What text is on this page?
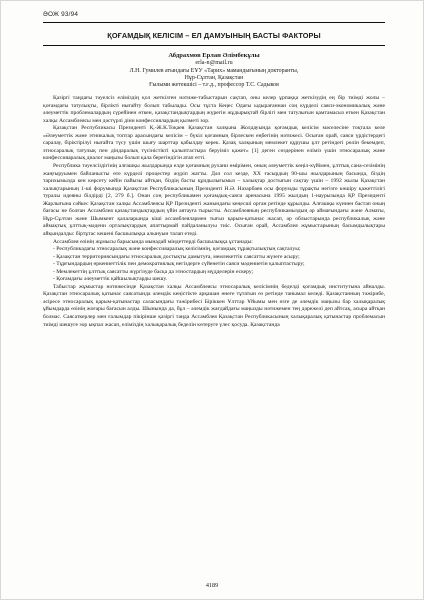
ӘОЖ 93/94
ҚОҒАМДЫҚ КЕЛІСІМ – ЕЛ ДАМУЫНЫҢ БАСТЫ ФАКТОРЫ
Абдрахмов Ерлан Әлімбекұлы
erla-n@mail.ru
Л.Н. Гумилев атындағы ЕҰУ «Тарих» мамандығының докторанты,
Нұр-Сұлтан, Қазақстан
Ғылыми жетекшісі – т.ғ.д., профессор Т.С. Садыков

Қазіргі таңдағы тәуелсіз еліміздің қол жеткізген нәтиже-табыстарын сақтап, оны келер ұрпаққа жеткізудің ең бір тиімді жолы – қоғамдағы татулықты, бірлікті нығайту болып табылады. Осы тұста Кеңес Одағы ыдырағаннан соң күрделі саяси-экономикалық және әлеуметтік проблемалардың сүрейінен өткен, қазақстандықтардың жүрегін жұдырықтай бірлігі мен татулығын қамтамасыз еткен Қазақстан халқы Ассамблеясы мен дәстүрлі діни конфессиялардың қызметі зор.

Қазақстан Республикасы Президенті Қ.-Ж.К.Тоқаев Қазақстан халқына Жолдауында қоғамдық келісім мәселесіне тоқтала келе «Әлеуметтік және этникалық топтар арасындағы келісім – бүкіл қоғамның бірлескен еңбегінің нәтижесі. Осыған орай, саяси үрдістердегі саралау, біріктірілуі нығайта түсу үшін шығу шарттар қабылдау керек. Қазақ халқының мемлекет құрушы ұлт ретіндегі рөлін бекемдеп, этносаралық татулық пен діндаралық түсіністікті қалыптастыра беруіміз қажет» [1] деген сөздерінен еліміз үшін этносаралық және конфессияаралық диалог маңызы болып қала беретіндігін атап өтті.

Республика тәуелсіздігінің алғашқы жылдарында елде қоғамның рухани өмірімен, оның әлеуметтік көңіл-күйімен, ұлттық сана-сезімінің жаңғыруымен байланысты өте күрделі процестер жүріп жатты. Дәл сол кезде, ХХ ғасырдың 90-шы жылдарының басында, біздің тарихымызда кен көрсету кейін пайызы айтқан, біздің басты құндылығымыз – халықтар достығын сақтау үшін – 1992 жылы Қазақстан халықтарының 1-ші форумында Қазақстан Республикасының Президенті Н.Ә. Назарбаев осы форумды тұрақты негізге көшіру қажеттілігі туралы идеяны білдірді [2, 279 б.]. Онан соң республикамен қоғамдық-саяси аренасына 1995 жылдың 1-наурызында ҚР Президенті Жарлығына сәйкес Қазақстан халқы Ассамблеясы ҚР Президенті жанындағы кеңесші орган ретінде құрылды. Алғашқы күннен бастап оның бағасы не болған Ассамблея қазақстандықтардың үйін аятауға тырысты. Ассамблеяның республикамыздың әр аймағындағы және Алматы, Нұр-Сұлтан және Шымкент қалаларында кіші ассамблеялармен тығыз қарым-қатынас жасап, әр облыстарында республикалық және аймақтық ұлттық-мәдени орталықтардың апаттырмай пайдаланылуы тиіс. Осыған орай, Ассамблея жұмыстарының басымдылықтары айқындалды: біртұтас кешені басшылыққа алынуын талап етеді.

Ассамблея өзінің жұмысы барысында мынадай міндеттерді басшылыққа ұстанады:

- Республикадағы этносаралық және конфессияаралық келісімнің, қоғамдық тұрақтылықтың сақталуы;

- Қазақстан территориясындағы этносаралық достықты дамытуға, мемлекеттік саясатты жүзеге асыру;

- Тұрғындардың өркениеттілік пен демократиялық негіздерге сүйенетін саяси мәдениетін қалыптастыру;

- Мемлекеттің ұлттық саясатты жүргізуде басқа да этностардың мүдделерін ескеру;

- Қоғамдағы әлеуметтік қайшылықтарды шешу.

Табыстар жұмыстар нәтижесінде Қазақстан халқы Ассамблеясы этносаралық келісімнің беделді қоғамдық институтына айналды. Қазақстан этносаралық қатынас саясатында әлемдік кеңістікте арқашан өнеге тұтатын өз ретінде танымал келеді. Қазақстанның тәжірибе, әсіресе этносаралық қарым-қатынастар саласындағы тәжірибесі Біріккен Ұлттар Ұйымы мен өзге де әлемдік маңызы бар халықаралық ұйымдарда өзінің жоғары бағасын алды. Шынында да, бұл – әлемдік жағдайдағы маңызды нәтижемен тең дәрежелі деп айтсақ, асыра айтқан болмас. Саясаткерлер мен ғалымдар пікірінше қазіргі таңда Ассамблея Қазақстан Республикасының халықаралық қатынастар проблемасын тиімді шешуге зор ықпал жасап, еліміздің халықаралық беделін көтеруге үлес қосуда. Қазақстанда

4189
